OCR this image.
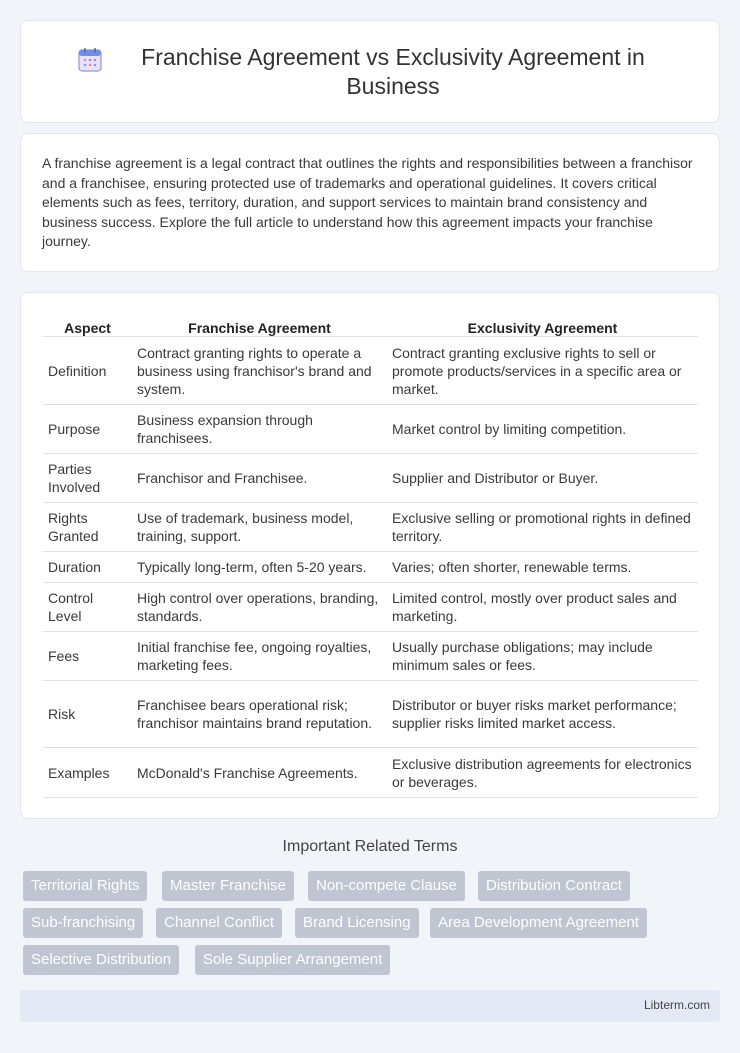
Franchise Agreement vs Exclusivity Agreement in Business

A franchise agreement is a legal contract that outlines the rights and responsibilities between a franchisor and a franchisee, ensuring protected use of trademarks and operational guidelines. It covers critical elements such as fees, territory, duration, and support services to maintain brand consistency and business success. Explore the full article to understand how this agreement impacts your franchise journey.

Aspect	Franchise Agreement	Exclusivity Agreement
Definition	Contract granting rights to operate a business using franchisor's brand and system.	Contract granting exclusive rights to sell or promote products/services in a specific area or market.
Purpose	Business expansion through franchisees.	Market control by limiting competition.
Parties Involved	Franchisor and Franchisee.	Supplier and Distributor or Buyer.
Rights Granted	Use of trademark, business model, training, support.	Exclusive selling or promotional rights in defined territory.
Duration	Typically long-term, often 5-20 years.	Varies; often shorter, renewable terms.
Control Level	High control over operations, branding, standards.	Limited control, mostly over product sales and marketing.
Fees	Initial franchise fee, ongoing royalties, marketing fees.	Usually purchase obligations; may include minimum sales or fees.
Risk	Franchisee bears operational risk; franchisor maintains brand reputation.	Distributor or buyer risks market performance; supplier risks limited market access.
Examples	McDonald's Franchise Agreements.	Exclusive distribution agreements for electronics or beverages.
Important Related Terms
Territorial Rights	Master Franchise	Non-compete Clause	Distribution Contract
Sub-franchising	Channel Conflict	Brand Licensing	Area Development Agreement
Selective Distribution	Sole Supplier Arrangement
Libterm.com
